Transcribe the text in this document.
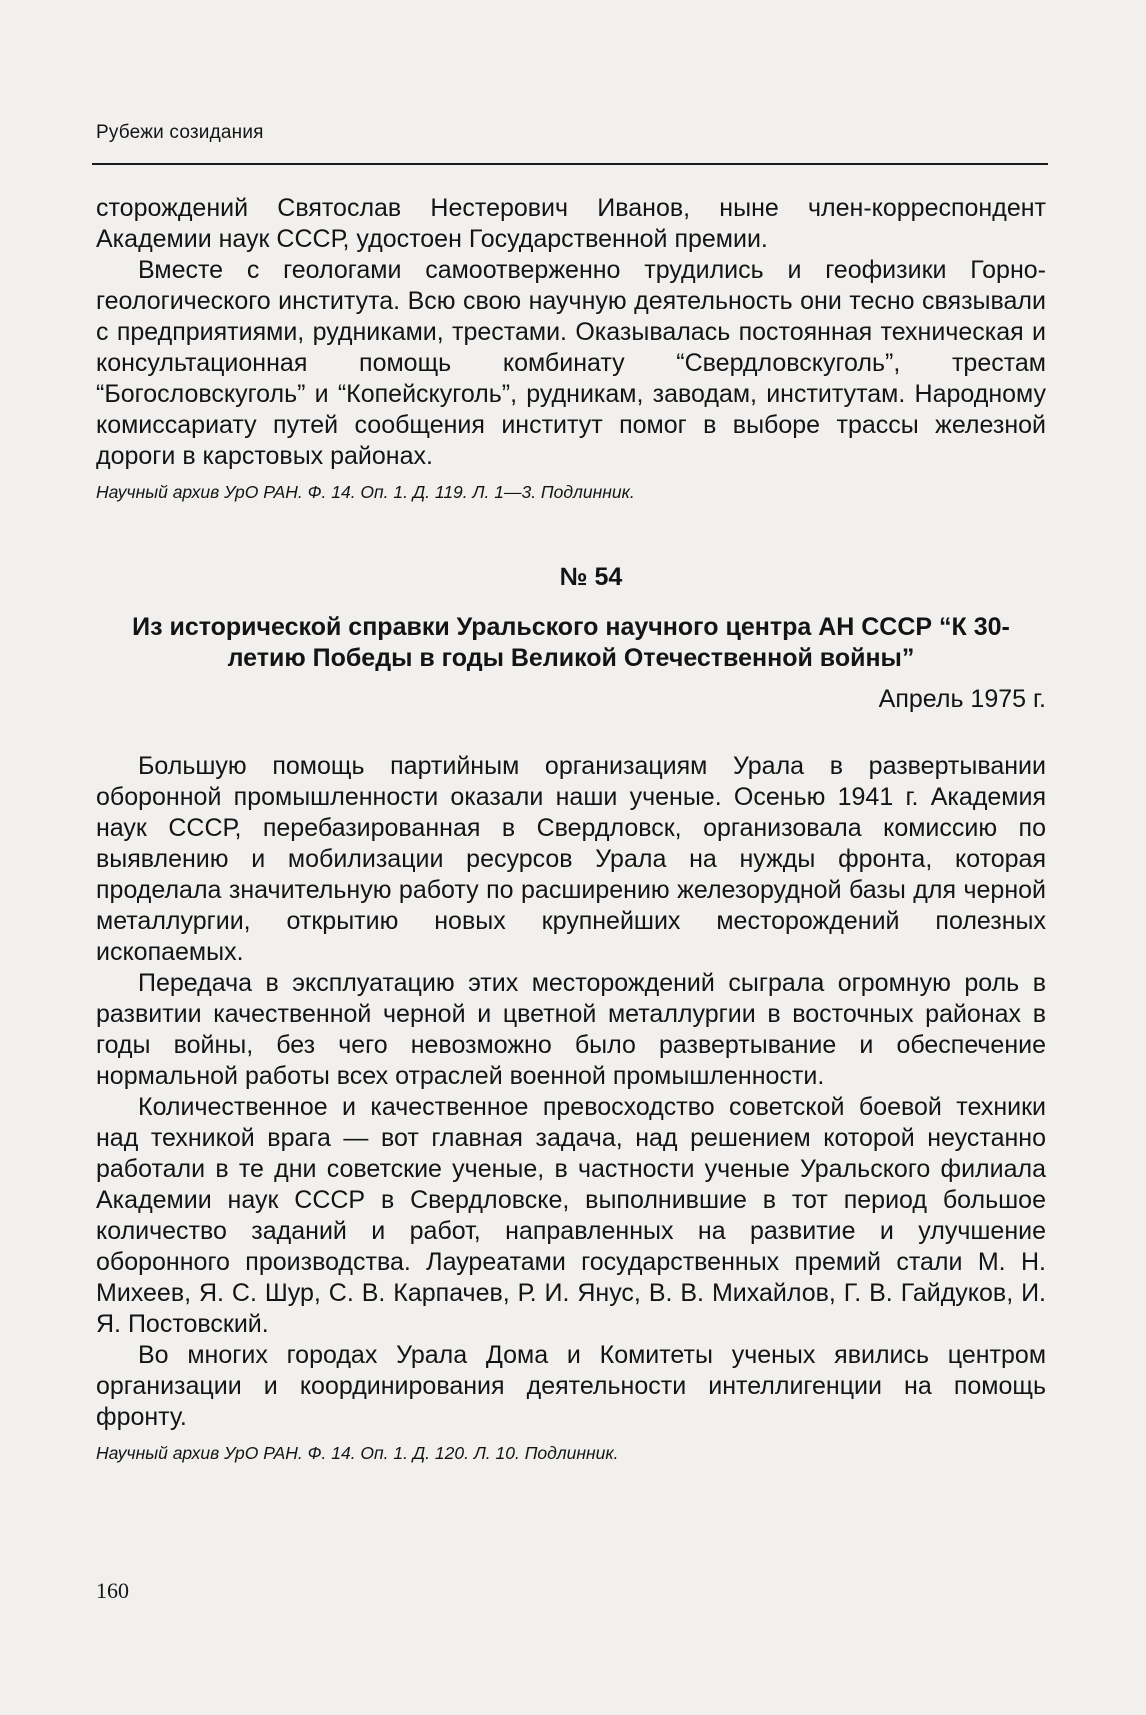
Рубежи созидания

сторождений Святослав Нестерович Иванов, ныне член-корреспондент Академии наук СССР, удостоен Государственной премии.

Вместе с геологами самоотверженно трудились и геофизики Горно-геологического института. Всю свою научную деятельность они тесно связывали с предприятиями, рудниками, трестами. Оказывалась постоянная техническая и консультационная помощь комбинату “Свердловскуголь”, трестам “Богословскуголь” и “Копейскуголь”, рудникам, заводам, институтам. Народному комиссариату путей сообщения институт помог в выборе трассы железной дороги в карстовых районах.

Научный архив УрО РАН. Ф. 14. Оп. 1. Д. 119. Л. 1—3. Подлинник.

№ 54
Из исторической справки Уральского научного центра АН СССР “К 30-летию Победы в годы Великой Отечественной войны”
Апрель 1975 г.

Большую помощь партийным организациям Урала в развертывании оборонной промышленности оказали наши ученые. Осенью 1941 г. Академия наук СССР, перебазированная в Свердловск, организовала комиссию по выявлению и мобилизации ресурсов Урала на нужды фронта, которая проделала значительную работу по расширению железорудной базы для черной металлургии, открытию новых крупнейших месторождений полезных ископаемых.

Передача в эксплуатацию этих месторождений сыграла огромную роль в развитии качественной черной и цветной металлургии в восточных районах в годы войны, без чего невозможно было развертывание и обеспечение нормальной работы всех отраслей военной промышленности.

Количественное и качественное превосходство советской боевой техники над техникой врага — вот главная задача, над решением которой неустанно работали в те дни советские ученые, в частности ученые Уральского филиала Академии наук СССР в Свердловске, выполнившие в тот период большое количество заданий и работ, направленных на развитие и улучшение оборонного производства. Лауреатами государственных премий стали М. Н. Михеев, Я. С. Шур, С. В. Карпачев, Р. И. Янус, В. В. Михайлов, Г. В. Гайдуков, И. Я. Постовский.

Во многих городах Урала Дома и Комитеты ученых явились центром организации и координирования деятельности интеллигенции на помощь фронту.

Научный архив УрО РАН. Ф. 14. Оп. 1. Д. 120. Л. 10. Подлинник.

160
